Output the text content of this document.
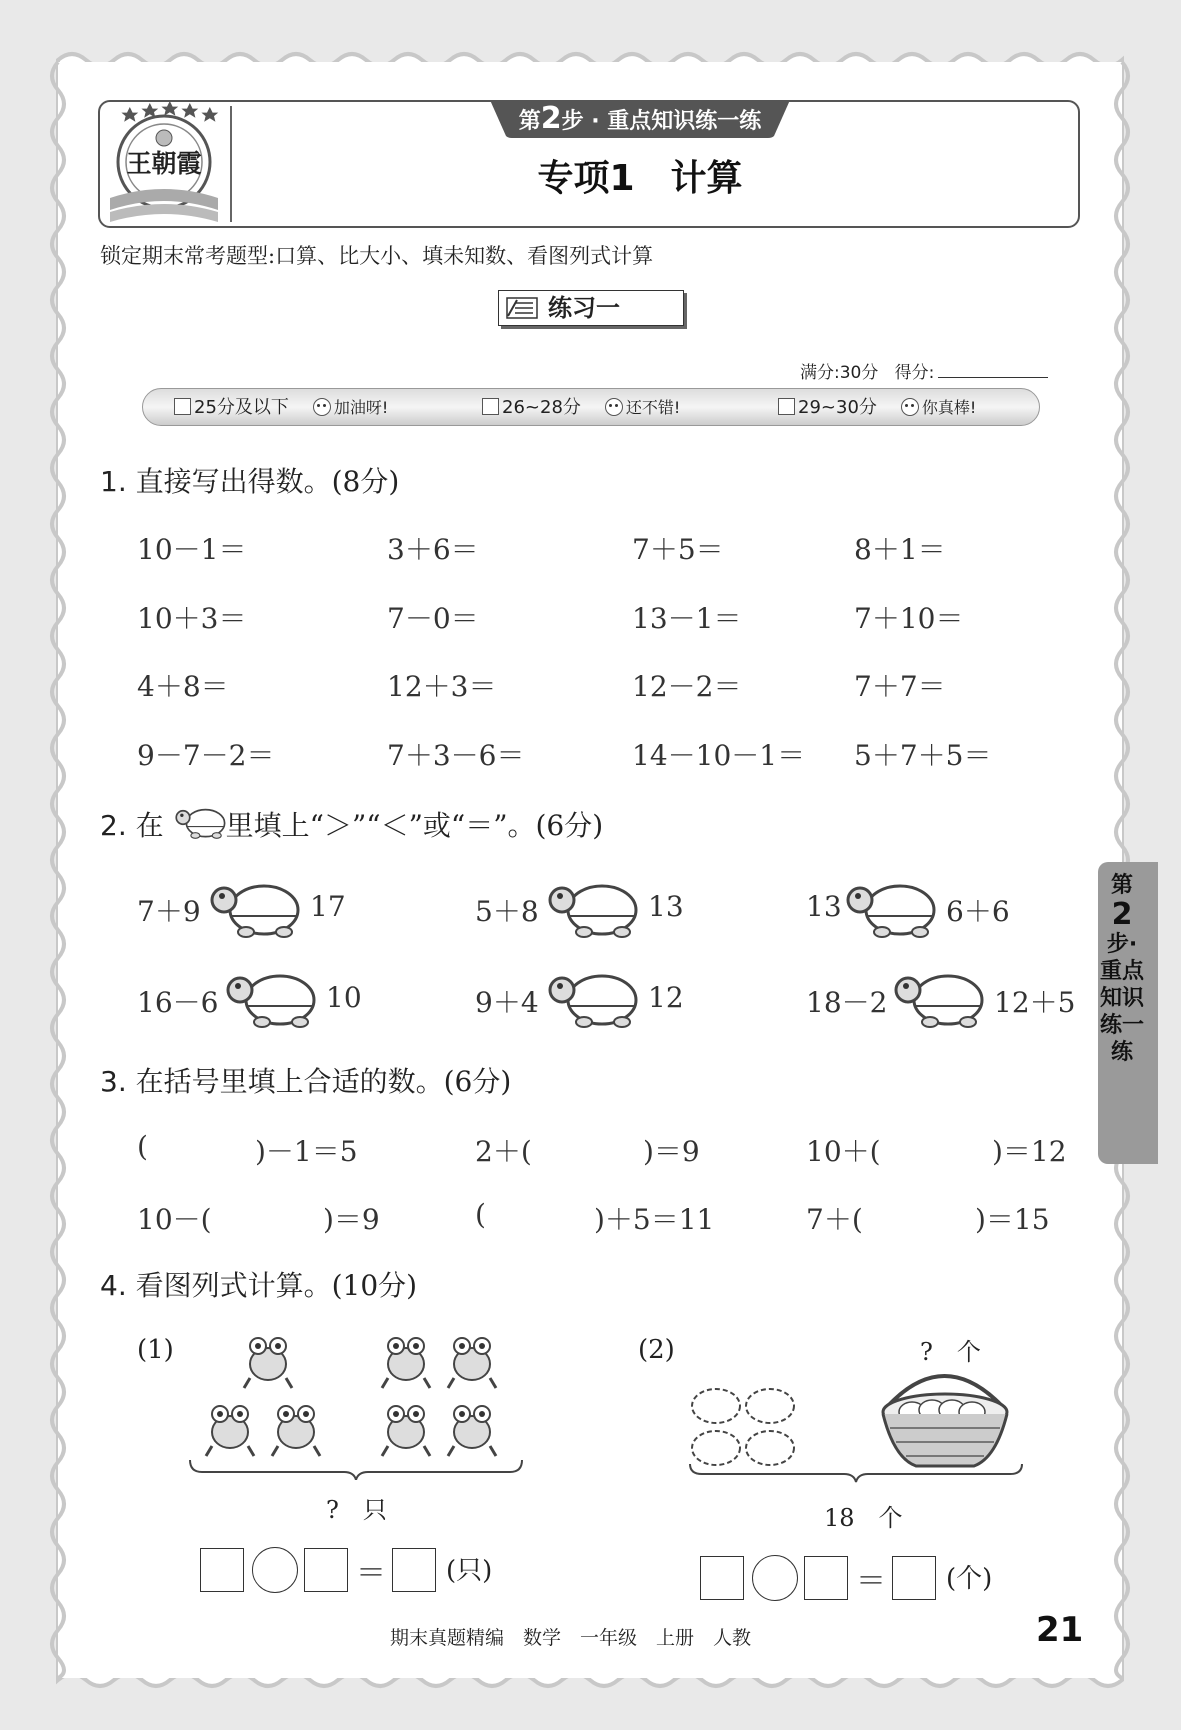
王朝霞
第2步 · 重点知识练一练
专项1　计算
锁定期末常考题型:口算、比大小、填未知数、看图列式计算
练习一
满分:30分 得分:
25分及以下	加油呀!	26~28分	还不错!	29~30分	你真棒!
1. 直接写出得数。(8分)
10－1＝	3＋6＝	7＋5＝	8＋1＝
10＋3＝	7－0＝	13－1＝	7＋10＝
4＋8＝	12＋3＝	12－2＝	7＋7＝
9－7－2＝	7＋3－6＝	14－10－1＝ 5＋7＋5＝
2. 在 里填上“＞”“＜”或“＝”。(6分)
7＋9	17	5＋8	13	13	6＋6
16－6	10	9＋4	12	18－2	12＋5
3. 在括号里填上合适的数。(6分)
(	)－1＝5	2＋(	)＝9	10＋(	)＝12
10－(	)＝9	(	)＋5＝11	7＋(	)＝15
第
2
步·重点知识练一练
4. 看图列式计算。(10分)
(1)
?　只
＝ (只)
(2)	?　个
18　个
＝ (个)
期末真题精编　数学　一年级　上册　人教	21
